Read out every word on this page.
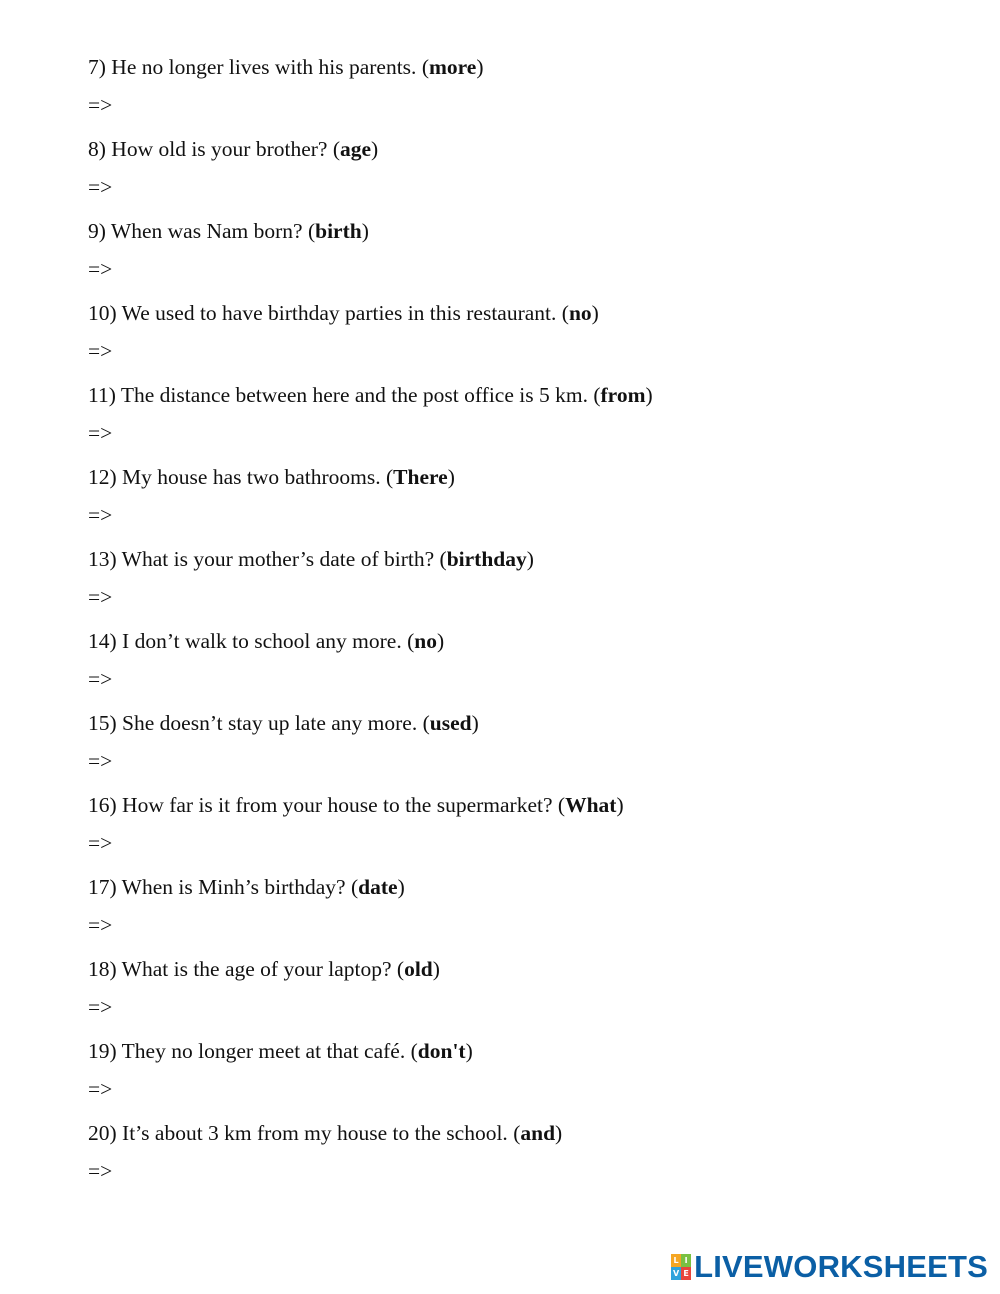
7) He no longer lives with his parents. (more)
=>
8) How old is your brother? (age)
=>
9) When was Nam born? (birth)
=>
10) We used to have birthday parties in this restaurant. (no)
=>
11) The distance between here and the post office is 5 km. (from)
=>
12) My house has two bathrooms. (There)
=>
13) What is your mother’s date of birth? (birthday)
=>
14) I don’t walk to school any more. (no)
=>
15) She doesn’t stay up late any more. (used)
=>
16) How far is it from your house to the supermarket? (What)
=>
17) When is Minh’s birthday? (date)
=>
18) What is the age of your laptop? (old)
=>
19) They no longer meet at that café. (don't)
=>
20) It’s about 3 km from my house to the school. (and)
=>
L I
V E LIVEWORKSHEETS
